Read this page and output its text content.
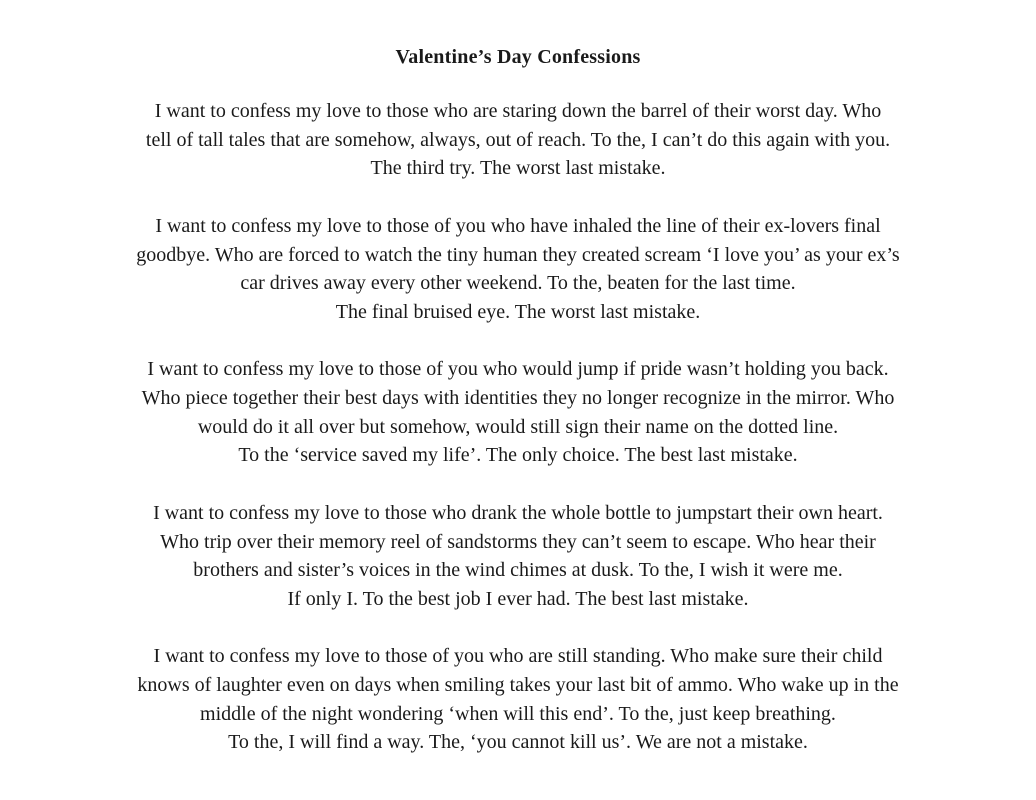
Valentine’s Day Confessions
I want to confess my love to those who are staring down the barrel of their worst day. Who
tell of tall tales that are somehow, always, out of reach. To the, I can’t do this again with you.
The third try. The worst last mistake.
I want to confess my love to those of you who have inhaled the line of their ex-lovers final
goodbye. Who are forced to watch the tiny human they created scream ‘I love you’ as your ex’s
car drives away every other weekend. To the, beaten for the last time.
The final bruised eye. The worst last mistake.
I want to confess my love to those of you who would jump if pride wasn’t holding you back.
Who piece together their best days with identities they no longer recognize in the mirror. Who
would do it all over but somehow, would still sign their name on the dotted line.
To the ‘service saved my life’. The only choice. The best last mistake.
I want to confess my love to those who drank the whole bottle to jumpstart their own heart.
Who trip over their memory reel of sandstorms they can’t seem to escape. Who hear their
brothers and sister’s voices in the wind chimes at dusk. To the, I wish it were me.
If only I. To the best job I ever had. The best last mistake.
I want to confess my love to those of you who are still standing. Who make sure their child
knows of laughter even on days when smiling takes your last bit of ammo. Who wake up in the
middle of the night wondering ‘when will this end’. To the, just keep breathing.
To the, I will find a way. The, ‘you cannot kill us’. We are not a mistake.
